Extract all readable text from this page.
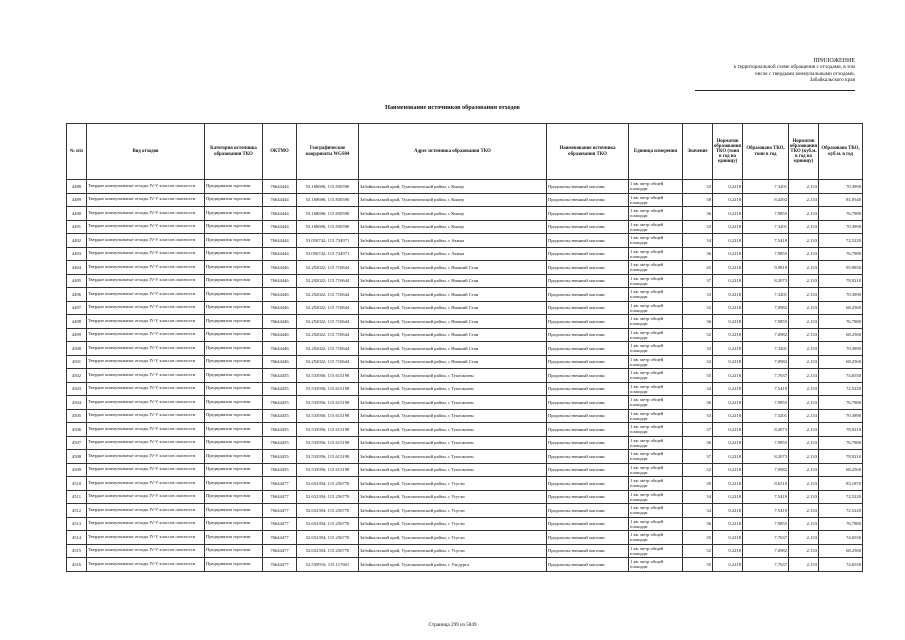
ПРИЛОЖЕНИЕ
к территориальной схеме обращения с отходами, в том
числе с твердыми коммунальными отходами,
Забайкальского края
Наименование источников образования отходов
№ п/п	Вид отходов	Категория источника образования ТКО	ОКТМО	Географические координаты WGS84	Адрес источника образования ТКО	Наименование источника образования ТКО	Единица измерения	Значение	Норматив образования ТКО (тонн в год на единицу)	Образовано ТКО, тонн в год	Норматив образования ТКО (куб.м. в год на единицу)	Образовано ТКО, куб.м. в год
4488	Твердые коммунальные отходы IV-V классов опасности	Предприятия торговли	76644444	53.168696; 115.830590	Забайкальский край, Тунгокоченский район, с Кыкер	Продовольственный магазин	1 кв. метр общей площади	33	0,2218	7,3201	2,133	70,3890
4489	Твердые коммунальные отходы IV-V классов опасности	Предприятия торговли	76644444	53.168696; 115.830590	Забайкальский край, Тунгокоченский район, с Кыкер	Продовольственный магазин	1 кв. метр общей площади	38	0,2218	8,4292	2,133	81,0540
4490	Твердые коммунальные отходы IV-V классов опасности	Предприятия торговли	76644444	53.168696; 115.830590	Забайкальский край, Тунгокоченский район, с Кыкер	Продовольственный магазин	1 кв. метр общей площади	36	0,2218	7,9855	2,133	76,7880
4491	Твердые коммунальные отходы IV-V классов опасности	Предприятия торговли	76644444	53.168696; 115.830590	Забайкальский край, Тунгокоченский район, с Кыкер	Продовольственный магазин	1 кв. метр общей площади	33	0,2218	7,3201	2,133	70,3890
4492	Твердые коммунальные отходы IV-V классов опасности	Предприятия торговли	76644444	53.050742; 115.734971	Забайкальский край, Тунгокоченский район, с Акима	Продовольственный магазин	1 кв. метр общей площади	34	0,2218	7,5419	2,133	72,5220
4493	Твердые коммунальные отходы IV-V классов опасности	Предприятия торговли	76644444	53.050742; 115.734971	Забайкальский край, Тунгокоченский район, с Акима	Продовольственный магазин	1 кв. метр общей площади	36	0,2218	7,9855	2,133	76,7880
4494	Твердые коммунальные отходы IV-V классов опасности	Предприятия торговли	76644446	52.292022; 115.710644	Забайкальский край, Тунгокоченский район, с Нижний Стан	Продовольственный магазин	1 кв. метр общей площади	45	0,2218	9,9819	2,133	95,9850
4495	Твердые коммунальные отходы IV-V классов опасности	Предприятия торговли	76644446	52.292022; 115.710644	Забайкальский край, Тунгокоченский район, с Нижний Стан	Продовольственный магазин	1 кв. метр общей площади	37	0,2218	8,2073	2,133	78,9210
4496	Твердые коммунальные отходы IV-V классов опасности	Предприятия торговли	76644446	52.292022; 115.710644	Забайкальский край, Тунгокоченский район, с Нижний Стан	Продовольственный магазин	1 кв. метр общей площади	33	0,2218	7,3201	2,133	70,3890
4497	Твердые коммунальные отходы IV-V классов опасности	Предприятия торговли	76644446	52.292022; 115.710644	Забайкальский край, Тунгокоченский район, с Нижний Стан	Продовольственный магазин	1 кв. метр общей площади	32	0,2218	7,0982	2,133	68,2560
4498	Твердые коммунальные отходы IV-V классов опасности	Предприятия торговли	76644446	52.292022; 115.710644	Забайкальский край, Тунгокоченский район, с Нижний Стан	Продовольственный магазин	1 кв. метр общей площади	36	0,2218	7,9855	2,133	76,7880
4499	Твердые коммунальные отходы IV-V классов опасности	Предприятия торговли	76644446	52.292022; 115.710644	Забайкальский край, Тунгокоченский район, с Нижний Стан	Продовольственный магазин	1 кв. метр общей площади	32	0,2218	7,0982	2,133	68,2560
4500	Твердые коммунальные отходы IV-V классов опасности	Предприятия торговли	76644446	52.292022; 115.710644	Забайкальский край, Тунгокоченский район, с Нижний Стан	Продовольственный магазин	1 кв. метр общей площади	33	0,2218	7,3201	2,133	70,3890
4501	Твердые коммунальные отходы IV-V классов опасности	Предприятия торговли	76644446	52.292022; 115.710644	Забайкальский край, Тунгокоченский район, с Нижний Стан	Продовольственный магазин	1 кв. метр общей площади	32	0,2218	7,0982	2,133	68,2560
4502	Твердые коммунальные отходы IV-V классов опасности	Предприятия торговли	76644455	53.533956; 115.615198	Забайкальский край, Тунгокоченский район, с Тунгокочен	Продовольственный магазин	1 кв. метр общей площади	35	0,2218	7,7637	2,133	74,6550
4503	Твердые коммунальные отходы IV-V классов опасности	Предприятия торговли	76644455	53.533956; 115.615198	Забайкальский край, Тунгокоченский район, с Тунгокочен	Продовольственный магазин	1 кв. метр общей площади	34	0,2218	7,5419	2,133	72,5220
4504	Твердые коммунальные отходы IV-V классов опасности	Предприятия торговли	76644455	53.533956; 115.615198	Забайкальский край, Тунгокоченский район, с Тунгокочен	Продовольственный магазин	1 кв. метр общей площади	36	0,2218	7,9855	2,133	76,7880
4505	Твердые коммунальные отходы IV-V классов опасности	Предприятия торговли	76644455	53.533956; 115.615198	Забайкальский край, Тунгокоченский район, с Тунгокочен	Продовольственный магазин	1 кв. метр общей площади	33	0,2218	7,3201	2,133	70,3890
4506	Твердые коммунальные отходы IV-V классов опасности	Предприятия торговли	76644455	53.533956; 115.615198	Забайкальский край, Тунгокоченский район, с Тунгокочен	Продовольственный магазин	1 кв. метр общей площади	37	0,2218	8,2073	2,133	78,9210
4507	Твердые коммунальные отходы IV-V классов опасности	Предприятия торговли	76644455	53.533956; 115.615198	Забайкальский край, Тунгокоченский район, с Тунгокочен	Продовольственный магазин	1 кв. метр общей площади	36	0,2218	7,9855	2,133	76,7880
4508	Твердые коммунальные отходы IV-V классов опасности	Предприятия торговли	76644455	53.533956; 115.615198	Забайкальский край, Тунгокоченский район, с Тунгокочен	Продовольственный магазин	1 кв. метр общей площади	37	0,2218	8,2073	2,133	78,9210
4509	Твердые коммунальные отходы IV-V классов опасности	Предприятия торговли	76644455	53.533956; 115.615198	Забайкальский край, Тунгокоченский район, с Тунгокочен	Продовольственный магазин	1 кв. метр общей площади	32	0,2218	7,0982	2,133	68,2560
4510	Твердые коммунальные отходы IV-V классов опасности	Предприятия торговли	76644477	52.652394; 115.256770	Забайкальский край, Тунгокоченский район, с Усугли	Продовольственный магазин	1 кв. метр общей площади	39	0,2218	8,6510	2,133	83,1870
4511	Твердые коммунальные отходы IV-V классов опасности	Предприятия торговли	76644477	52.652394; 115.256770	Забайкальский край, Тунгокоченский район, с Усугли	Продовольственный магазин	1 кв. метр общей площади	34	0,2218	7,5419	2,133	72,5220
4512	Твердые коммунальные отходы IV-V классов опасности	Предприятия торговли	76644477	52.652394; 115.256770	Забайкальский край, Тунгокоченский район, с Усугли	Продовольственный магазин	1 кв. метр общей площади	34	0,2218	7,5419	2,133	72,5220
4513	Твердые коммунальные отходы IV-V классов опасности	Предприятия торговли	76644477	52.652394; 115.256770	Забайкальский край, Тунгокоченский район, с Усугли	Продовольственный магазин	1 кв. метр общей площади	36	0,2218	7,9855	2,133	76,7880
4514	Твердые коммунальные отходы IV-V классов опасности	Предприятия торговли	76644477	52.652394; 115.256770	Забайкальский край, Тунгокоченский район, с Усугли	Продовольственный магазин	1 кв. метр общей площади	35	0,2218	7,7637	2,133	74,6550
4515	Твердые коммунальные отходы IV-V классов опасности	Предприятия торговли	76644477	52.652394; 115.256770	Забайкальский край, Тунгокоченский район, с Усугли	Продовольственный магазин	1 кв. метр общей площади	32	0,2218	7,0982	2,133	68,2560
4516	Твердые коммунальные отходы IV-V классов опасности	Предприятия торговли	76644477	52.539916; 115.117601	Забайкальский край, Тунгокоченский район, с Ульдурга	Продовольственный магазин	1 кв. метр общей площади	35	0,2218	7,7637	2,133	74,6550
Страница 299 из 5849
